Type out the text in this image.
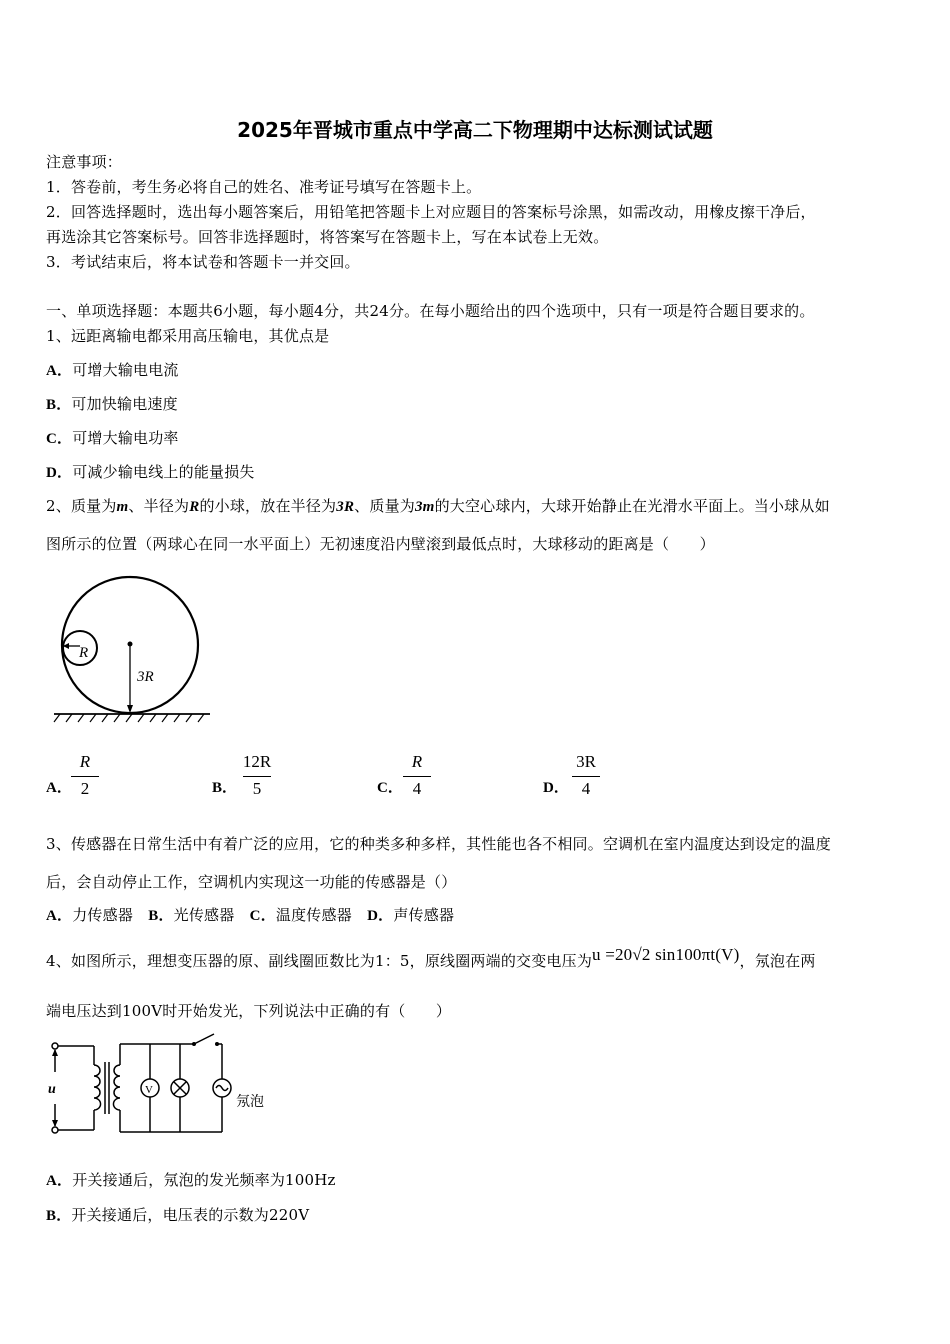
2025年晋城市重点中学高二下物理期中达标测试试题
注意事项：
1．答卷前，考生务必将自己的姓名、准考证号填写在答题卡上。
2．回答选择题时，选出每小题答案后，用铅笔把答题卡上对应题目的答案标号涂黑，如需改动，用橡皮擦干净后，
再选涂其它答案标号。回答非选择题时，将答案写在答题卡上，写在本试卷上无效。
3．考试结束后，将本试卷和答题卡一并交回。
一、单项选择题：本题共6小题，每小题4分，共24分。在每小题给出的四个选项中，只有一项是符合题目要求的。
1、远距离输电都采用高压输电，其优点是
A．可增大输电电流
B．可加快输电速度
C．可增大输电功率
D．可减少输电线上的能量损失
2、质量为m、半径为R的小球，放在半径为3R、质量为3m的大空心球内，大球开始静止在光滑水平面上。当小球从如
图所示的位置（两球心在同一水平面上）无初速度沿内壁滚到最低点时，大球移动的距离是（　　）
R
3R
A．
R
2	B．
12R
5	C．
R
4	D．
3R
4
3、传感器在日常生活中有着广泛的应用，它的种类多种多样，其性能也各不相同。空调机在室内温度达到设定的温度
后，会自动停止工作，空调机内实现这一功能的传感器是（）
A．力传感器　 B．光传感器　 C．温度传感器　 D．声传感器
4、如图所示，理想变压器的原、副线圈匝数比为1：5，原线圈两端的交变电压为u =20√2 sin100πt(V)，氖泡在两
端电压达到100V时开始发光，下列说法中正确的有（　　）
u	V
氖泡
A．开关接通后，氖泡的发光频率为100Hz
B．开关接通后，电压表的示数为220V
